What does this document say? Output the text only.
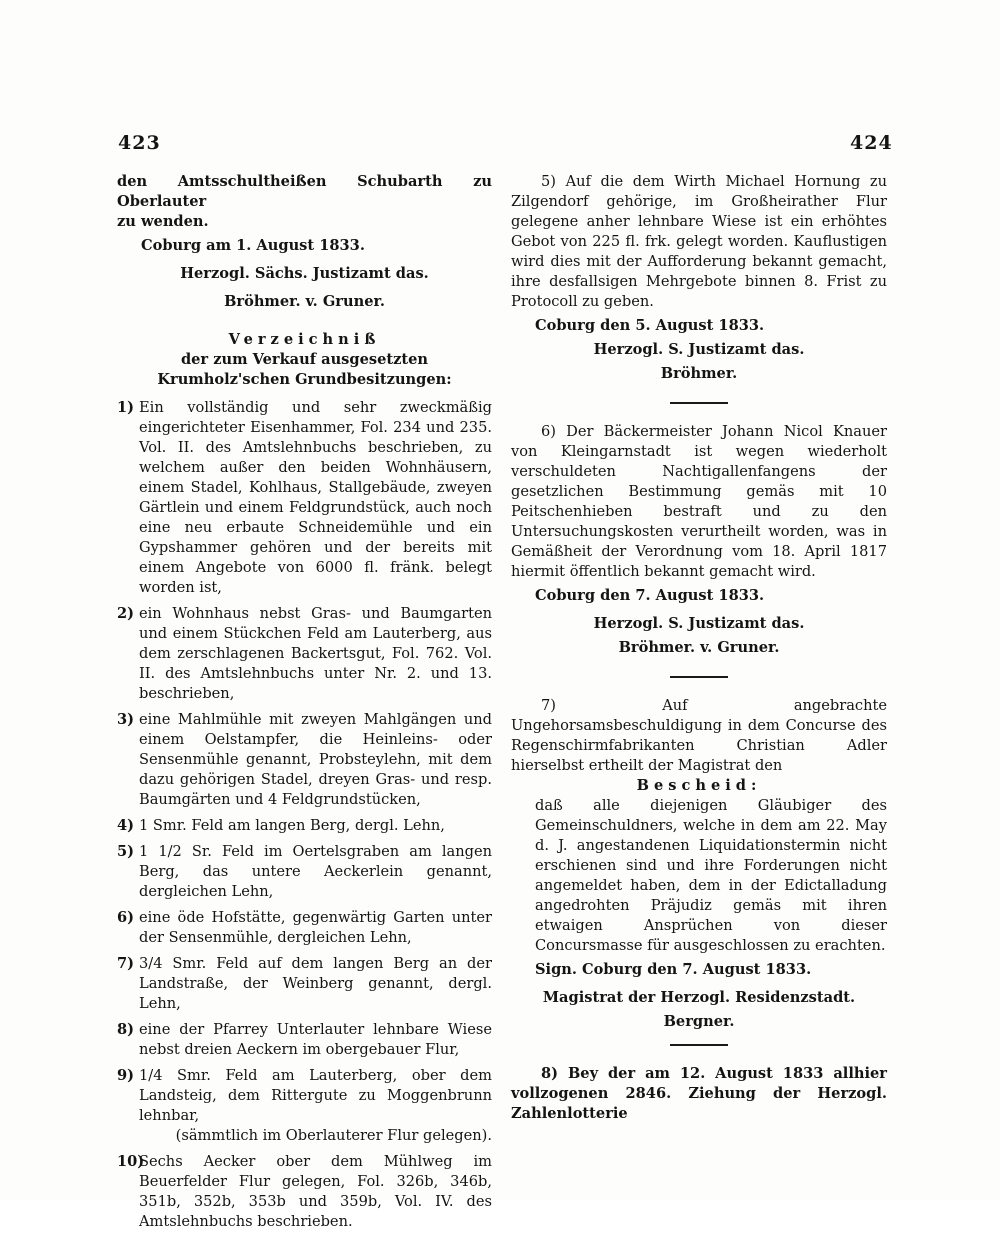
423	424

den Amtsschultheißen Schubarth zu Oberlauter

zu wenden.

Coburg am 1. August 1833.

Herzogl. Sächs. Justizamt das.

Bröhmer. v. Gruner.

Verzeichniß

der zum Verkauf ausgesetzten Krumholz'schen Grundbesitzungen:

1) Ein vollständig und sehr zweckmäßig eingerichteter Eisenhammer, Fol. 234 und 235. Vol. II. des Amtslehnbuchs beschrieben, zu welchem außer den beiden Wohnhäusern, einem Stadel, Kohlhaus, Stallgebäude, zweyen Gärtlein und einem Feldgrundstück, auch noch eine neu erbaute Schneidemühle und ein Gypshammer gehören und der bereits mit einem Angebote von 6000 fl. fränk. belegt worden ist,
2) ein Wohnhaus nebst Gras- und Baumgarten und einem Stückchen Feld am Lauterberg, aus dem zerschlagenen Backertsgut, Fol. 762. Vol. II. des Amtslehnbuchs unter Nr. 2. und 13. beschrieben,
3) eine Mahlmühle mit zweyen Mahlgängen und einem Oelstampfer, die Heinleins- oder Sensenmühle genannt, Probsteylehn, mit dem dazu gehörigen Stadel, dreyen Gras- und resp. Baumgärten und 4 Feldgrundstücken,
4) 1 Smr. Feld am langen Berg, dergl. Lehn,
5) 1 1/2 Sr. Feld im Oertelsgraben am langen Berg, das untere Aeckerlein genannt, dergleichen Lehn,
6) eine öde Hofstätte, gegenwärtig Garten unter der Sensenmühle, dergleichen Lehn,
7) 3/4 Smr. Feld auf dem langen Berg an der Landstraße, der Weinberg genannt, dergl. Lehn,
8) eine der Pfarrey Unterlauter lehnbare Wiese nebst dreien Aeckern im obergebauer Flur,
9) 1/4 Smr. Feld am Lauterberg, ober dem Landsteig, dem Rittergute zu Moggenbrunn lehnbar,
(sämmtlich im Oberlauterer Flur gelegen).
10)
Sechs Aecker ober dem Mühlweg im Beuerfelder Flur gelegen, Fol. 326b, 346b, 351b, 352b, 353b und 359b, Vol. IV. des Amtslehnbuchs beschrieben.

5) Auf die dem Wirth Michael Hornung zu Zilgendorf gehörige, im Großheirather Flur gelegene anher lehnbare Wiese ist ein erhöhtes Gebot von 225 fl. frk. gelegt worden. Kauflustigen wird dies mit der Aufforderung bekannt gemacht, ihre desfallsigen Mehrgebote binnen 8. Frist zu Protocoll zu geben.

Coburg den 5. August 1833.

Herzogl. S. Justizamt das.

Bröhmer.

6) Der Bäckermeister Johann Nicol Knauer von Kleingarnstadt ist wegen wiederholt verschuldeten Nachtigallenfangens der gesetzlichen Bestimmung gemäs mit 10 Peitschenhieben bestraft und zu den Untersuchungskosten verurtheilt worden, was in Gemäßheit der Verordnung vom 18. April 1817 hiermit öffentlich bekannt gemacht wird.

Coburg den 7. August 1833.

Herzogl. S. Justizamt das.

Bröhmer. v. Gruner.

7) Auf angebrachte Ungehorsamsbeschuldigung in dem Concurse des Regenschirmfabrikanten Christian Adler hierselbst ertheilt der Magistrat den

Bescheid:

daß alle diejenigen Gläubiger des Gemeinschuldners, welche in dem am 22. May d. J. angestandenen Liquidationstermin nicht erschienen sind und ihre Forderungen nicht angemeldet haben, dem in der Edictalladung angedrohten Präjudiz gemäs mit ihren etwaigen Ansprüchen von dieser Concursmasse für ausgeschlossen zu erachten.

Sign. Coburg den 7. August 1833.

Magistrat der Herzogl. Residenzstadt.

Bergner.

8) Bey der am 12. August 1833 allhier vollzogenen 2846. Ziehung der Herzogl. Zahlenlotterie
